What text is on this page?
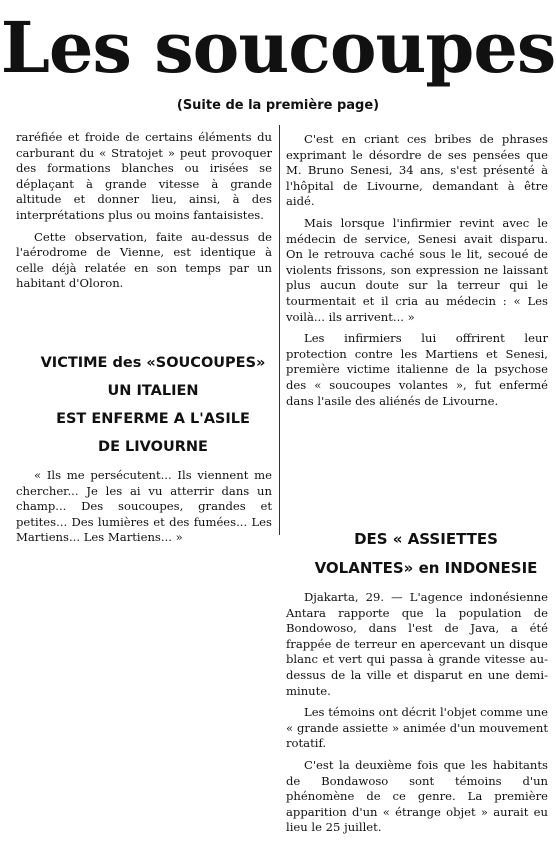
Les soucoupes
(Suite de la première page)

raréfiée et froide de certains éléments du carburant du « Stratojet » peut provoquer des formations blanches ou irisées se déplaçant à grande vitesse à grande altitude et donner lieu, ainsi, à des interprétations plus ou moins fantaisistes.

Cette observation, faite au-dessus de l'aérodrome de Vienne, est identique à celle déjà relatée en son temps par un habitant d'Oloron.

VICTIME des «SOUCOUPES»

UN ITALIEN

EST ENFERME A L'ASILE

DE LIVOURNE

« Ils me persécutent... Ils viennent me chercher... Je les ai vu atterrir dans un champ... Des soucoupes, grandes et petites... Des lumières et des fumées... Les Martiens... Les Martiens... »

C'est en criant ces bribes de phrases exprimant le désordre de ses pensées que M. Bruno Senesi, 34 ans, s'est présenté à l'hôpital de Livourne, demandant à être aidé.

Mais lorsque l'infirmier revint avec le médecin de service, Senesi avait disparu. On le retrouva caché sous le lit, secoué de violents frissons, son expression ne laissant plus aucun doute sur la terreur qui le tourmentait et il cria au médecin : « Les voilà... ils arrivent... »

Les infirmiers lui offrirent leur protection contre les Martiens et Senesi, première victime italienne de la psychose des « soucoupes volantes », fut enfermé dans l'asile des aliénés de Livourne.

DES « ASSIETTES

VOLANTES» en INDONESIE

Djakarta, 29. — L'agence indonésienne Antara rapporte que la population de Bondowoso, dans l'est de Java, a été frappée de terreur en apercevant un disque blanc et vert qui passa à grande vitesse au-dessus de la ville et disparut en une demi-minute.

Les témoins ont décrit l'objet comme une « grande assiette » animée d'un mouvement rotatif.

C'est la deuxième fois que les habitants de Bondawoso sont témoins d'un phénomène de ce genre. La première apparition d'un « étrange objet » aurait eu lieu le 25 juillet.
